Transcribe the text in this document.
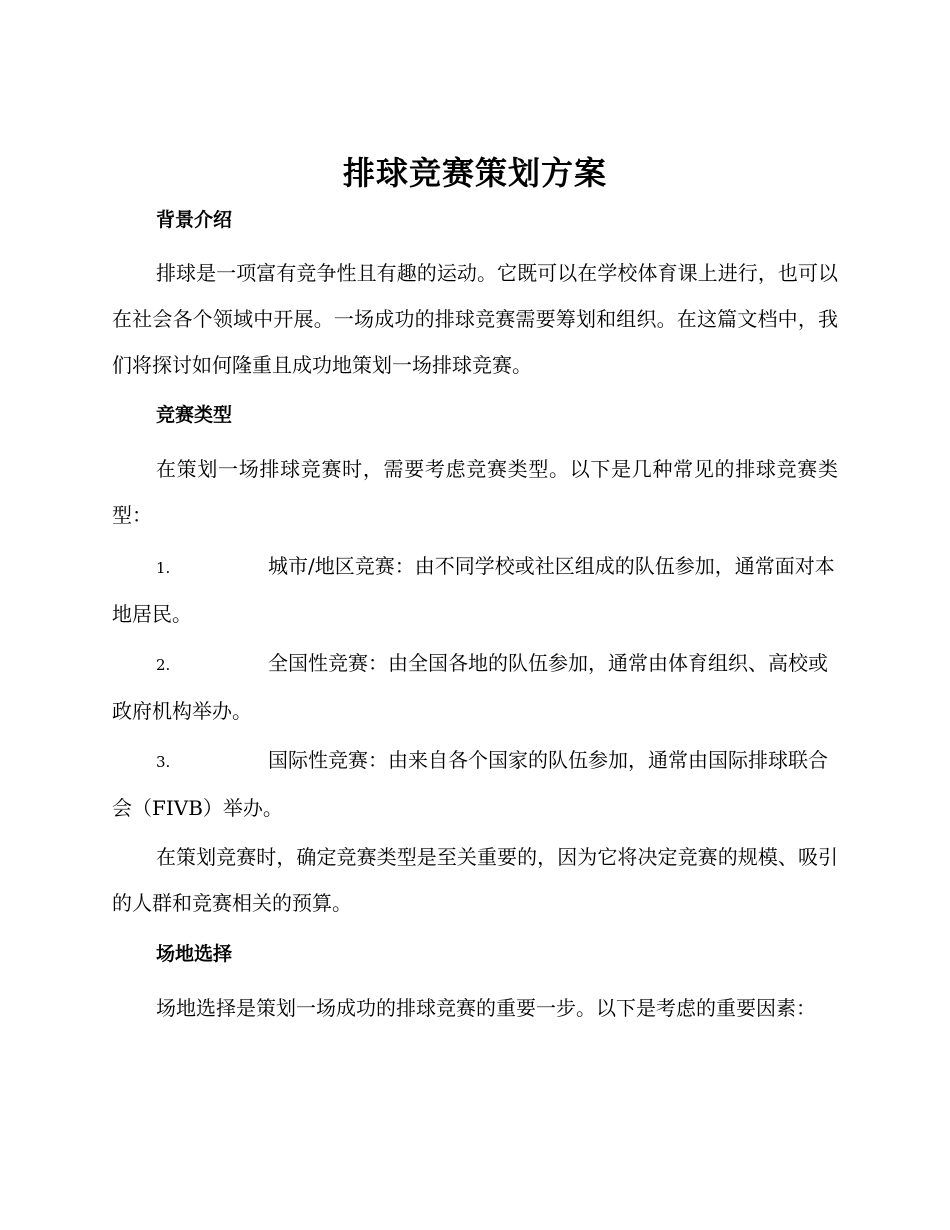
排球竞赛策划方案
背景介绍
排球是一项富有竞争性且有趣的运动。它既可以在学校体育课上进行，也可以在社会各个领域中开展。一场成功的排球竞赛需要筹划和组织。在这篇文档中，我们将探讨如何隆重且成功地策划一场排球竞赛。
竞赛类型
在策划一场排球竞赛时，需要考虑竞赛类型。以下是几种常见的排球竞赛类型：
1.	城市/地区竞赛：由不同学校或社区组成的队伍参加，通常面对本地居民。
2.	全国性竞赛：由全国各地的队伍参加，通常由体育组织、高校或政府机构举办。
3.	国际性竞赛：由来自各个国家的队伍参加，通常由国际排球联合会（FIVB）举办。
在策划竞赛时，确定竞赛类型是至关重要的，因为它将决定竞赛的规模、吸引的人群和竞赛相关的预算。
场地选择
场地选择是策划一场成功的排球竞赛的重要一步。以下是考虑的重要因素：
